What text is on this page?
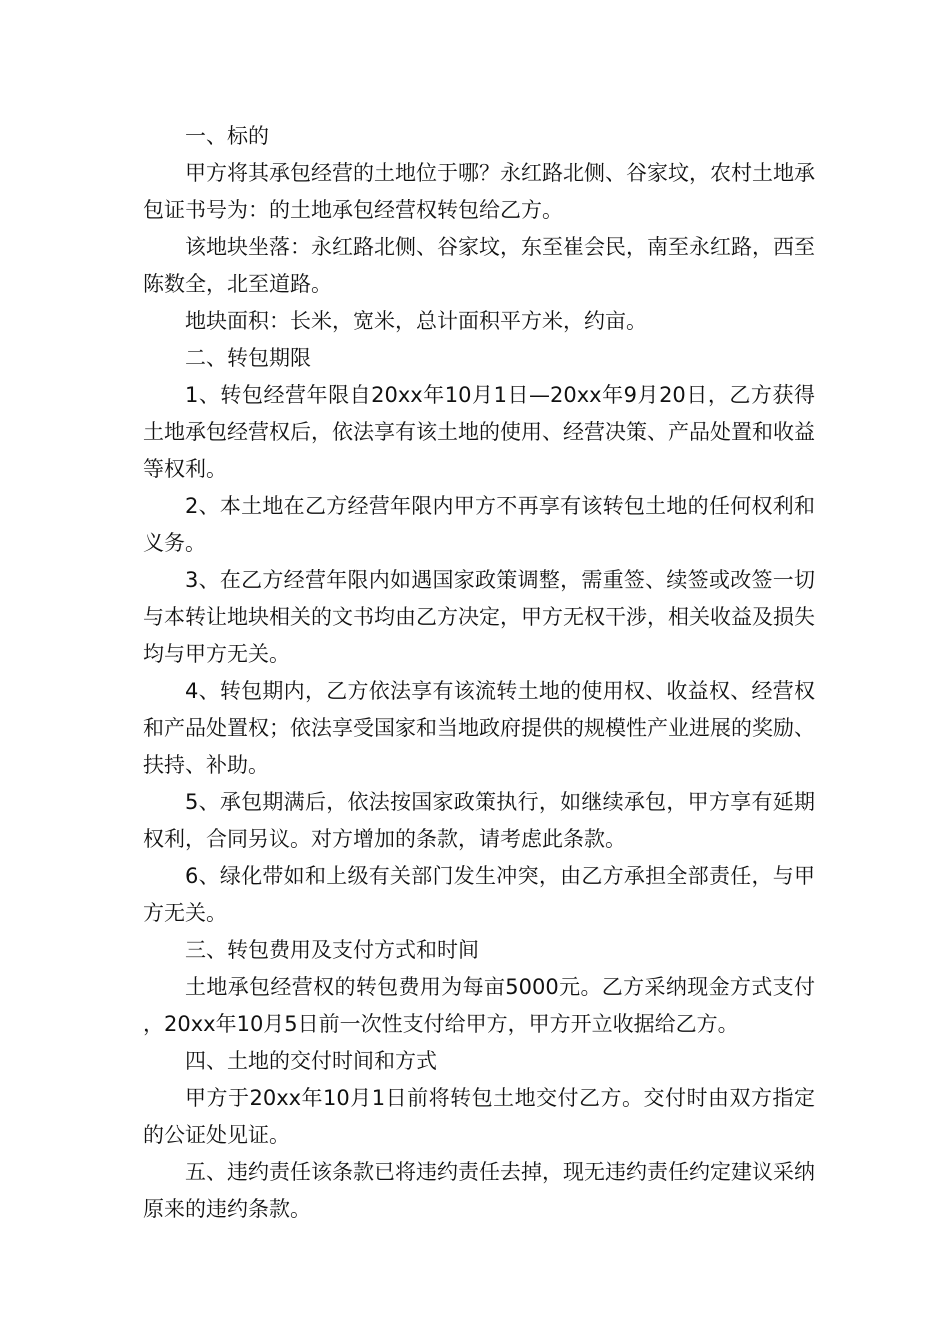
一、标的

甲方将其承包经营的土地位于哪？永红路北侧、谷家坟，农村土地承包证书号为：的土地承包经营权转包给乙方。

该地块坐落：永红路北侧、谷家坟，东至崔会民，南至永红路，西至陈数全，北至道路。

地块面积：长米，宽米，总计面积平方米，约亩。

二、转包期限

1、转包经营年限自20xx年10月1日—20xx年9月20日，乙方获得土地承包经营权后，依法享有该土地的使用、经营决策、产品处置和收益等权利。

2、本土地在乙方经营年限内甲方不再享有该转包土地的任何权利和义务。

3、在乙方经营年限内如遇国家政策调整，需重签、续签或改签一切与本转让地块相关的文书均由乙方决定，甲方无权干涉，相关收益及损失均与甲方无关。

4、转包期内，乙方依法享有该流转土地的使用权、收益权、经营权和产品处置权；依法享受国家和当地政府提供的规模性产业进展的奖励、扶持、补助。

5、承包期满后，依法按国家政策执行，如继续承包，甲方享有延期权利，合同另议。对方增加的条款，请考虑此条款。

6、绿化带如和上级有关部门发生冲突，由乙方承担全部责任，与甲方无关。

三、转包费用及支付方式和时间

土地承包经营权的转包费用为每亩5000元。乙方采纳现金方式支付，20xx年10月5日前一次性支付给甲方，甲方开立收据给乙方。

四、土地的交付时间和方式

甲方于20xx年10月1日前将转包土地交付乙方。交付时由双方指定的公证处见证。

五、违约责任该条款已将违约责任去掉，现无违约责任约定建议采纳原来的违约条款。
